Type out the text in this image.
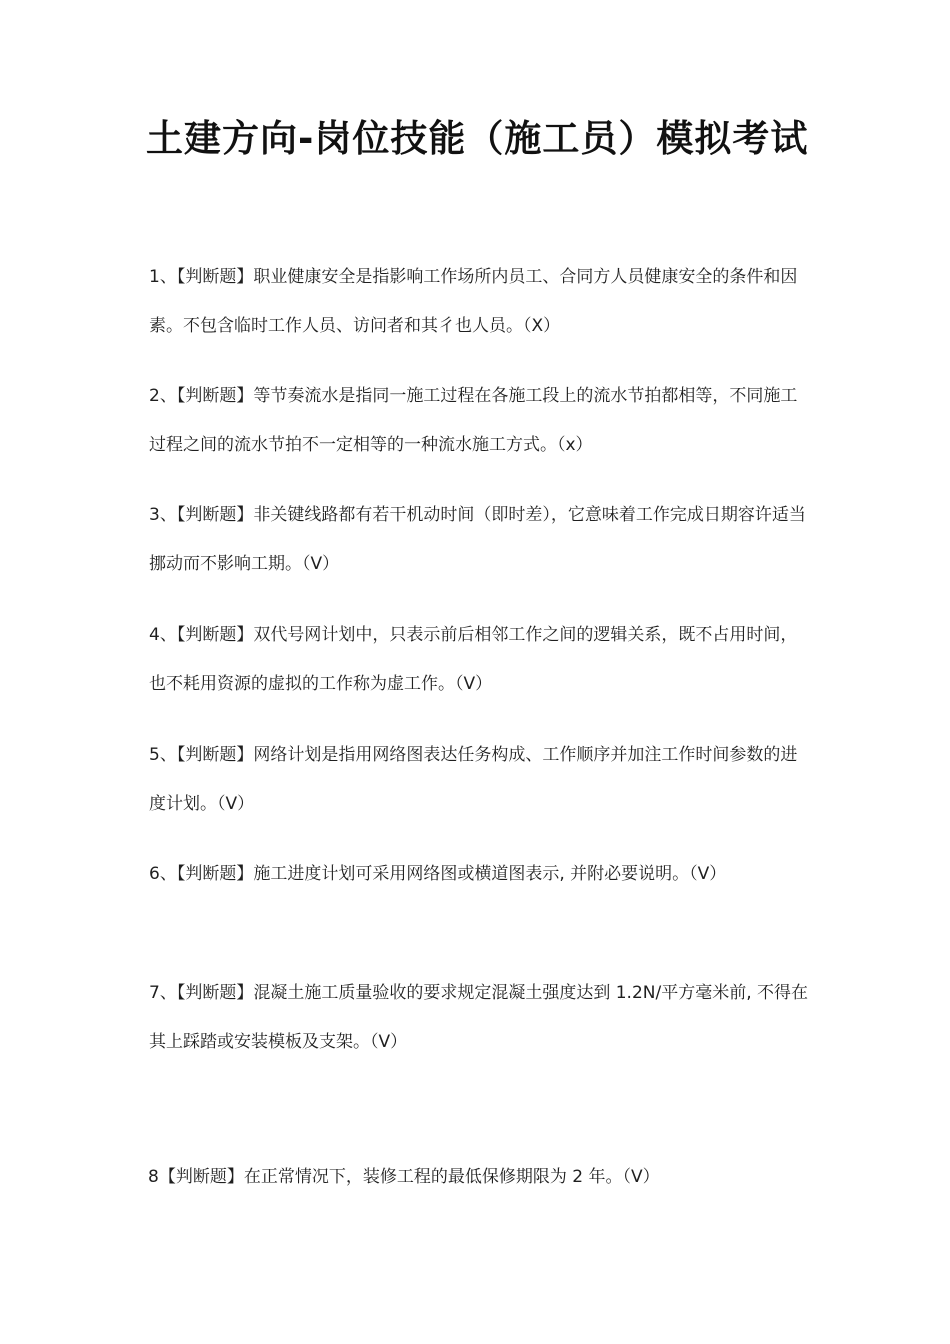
土建方向-岗位技能（施工员）模拟考试

1、【判断题】职业健康安全是指影响工作场所内员工、合同方人员健康安全的条件和因素。不包含临时工作人员、访问者和其彳也人员。（X）

2、【判断题】等节奏流水是指同一施工过程在各施工段上的流水节拍都相等，不同施工过程之间的流水节拍不一定相等的一种流水施工方式。（x）

3、【判断题】非关键线路都有若干机动时间（即时差），它意味着工作完成日期容许适当挪动而不影响工期。（V）

4、【判断题】双代号网计划中，只表示前后相邻工作之间的逻辑关系，既不占用时间，也不耗用资源的虚拟的工作称为虚工作。（V）

5、【判断题】网络计划是指用网络图表达任务构成、工作顺序并加注工作时间参数的进度计划。（V）

6、【判断题】施工进度计划可采用网络图或横道图表示, 并附必要说明。（V）

7、【判断题】混凝土施工质量验收的要求规定混凝土强度达到 1.2N/平方毫米前, 不得在其上踩踏或安装模板及支架。（V）

8【判断题】在正常情况下，装修工程的最低保修期限为 2 年。（V）
